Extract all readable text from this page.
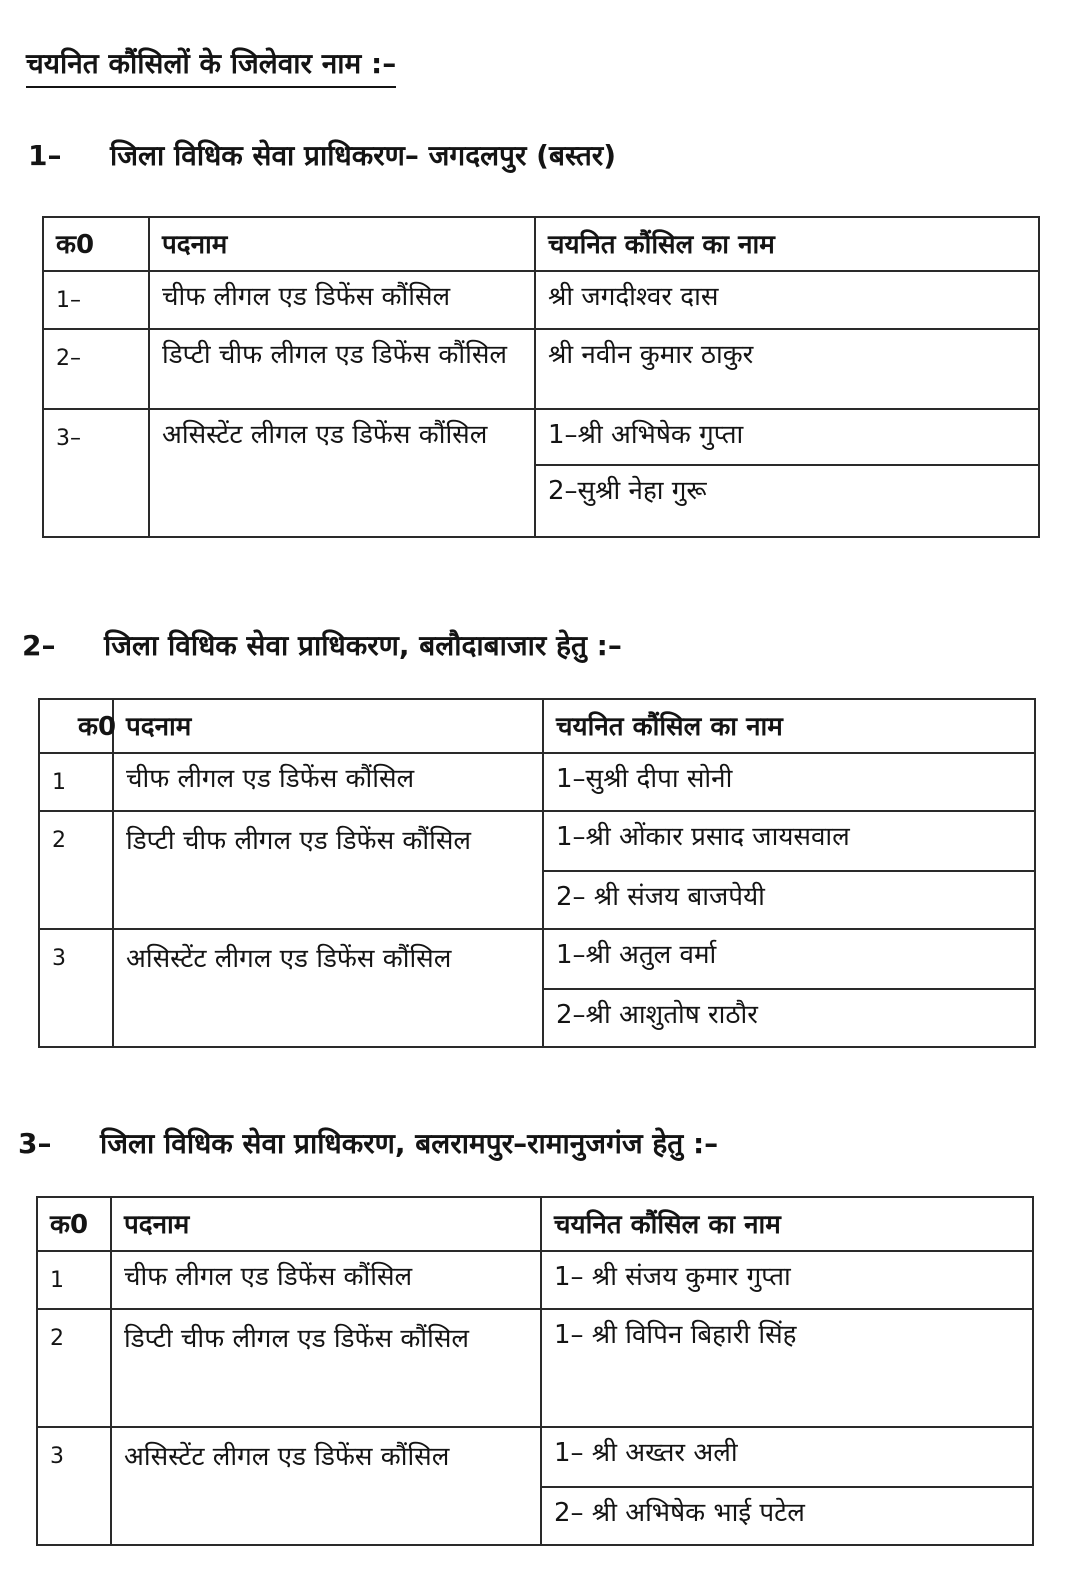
चयनित कौंसिलों के जिलेवार नाम :–
1– जिला विधिक सेवा प्राधिकरण– जगदलपुर (बस्तर)
क0	पदनाम	चयनित कौंसिल का नाम
1–	चीफ लीगल एड डिफेंस कौंसिल	श्री जगदीश्वर दास

2–	डिप्टी चीफ लीगल एड डिफेंस कौंसिल	श्री नवीन कुमार ठाकुर

3–	असिस्टेंट लीगल एड डिफेंस कौंसिल	1–श्री अभिषेक गुप्ता
2–सुश्री नेहा गुरू
2– जिला विधिक सेवा प्राधिकरण, बलौदाबाजार हेतु :–
क0	पदनाम	चयनित कौंसिल का नाम
1	चीफ लीगल एड डिफेंस कौंसिल	1–सुश्री दीपा सोनी

2	डिप्टी चीफ लीगल एड डिफेंस कौंसिल	1–श्री ओंकार प्रसाद जायसवाल
2– श्री संजय बाजपेयी

3	असिस्टेंट लीगल एड डिफेंस कौंसिल	1–श्री अतुल वर्मा
2–श्री आशुतोष राठौर
3– जिला विधिक सेवा प्राधिकरण, बलरामपुर–रामानुजगंज हेतु :–
क0	पदनाम	चयनित कौंसिल का नाम
1	चीफ लीगल एड डिफेंस कौंसिल	1– श्री संजय कुमार गुप्ता

2	डिप्टी चीफ लीगल एड डिफेंस कौंसिल	1– श्री विपिन बिहारी सिंह

3	असिस्टेंट लीगल एड डिफेंस कौंसिल	1– श्री अख्तर अली
2– श्री अभिषेक भाई पटेल
